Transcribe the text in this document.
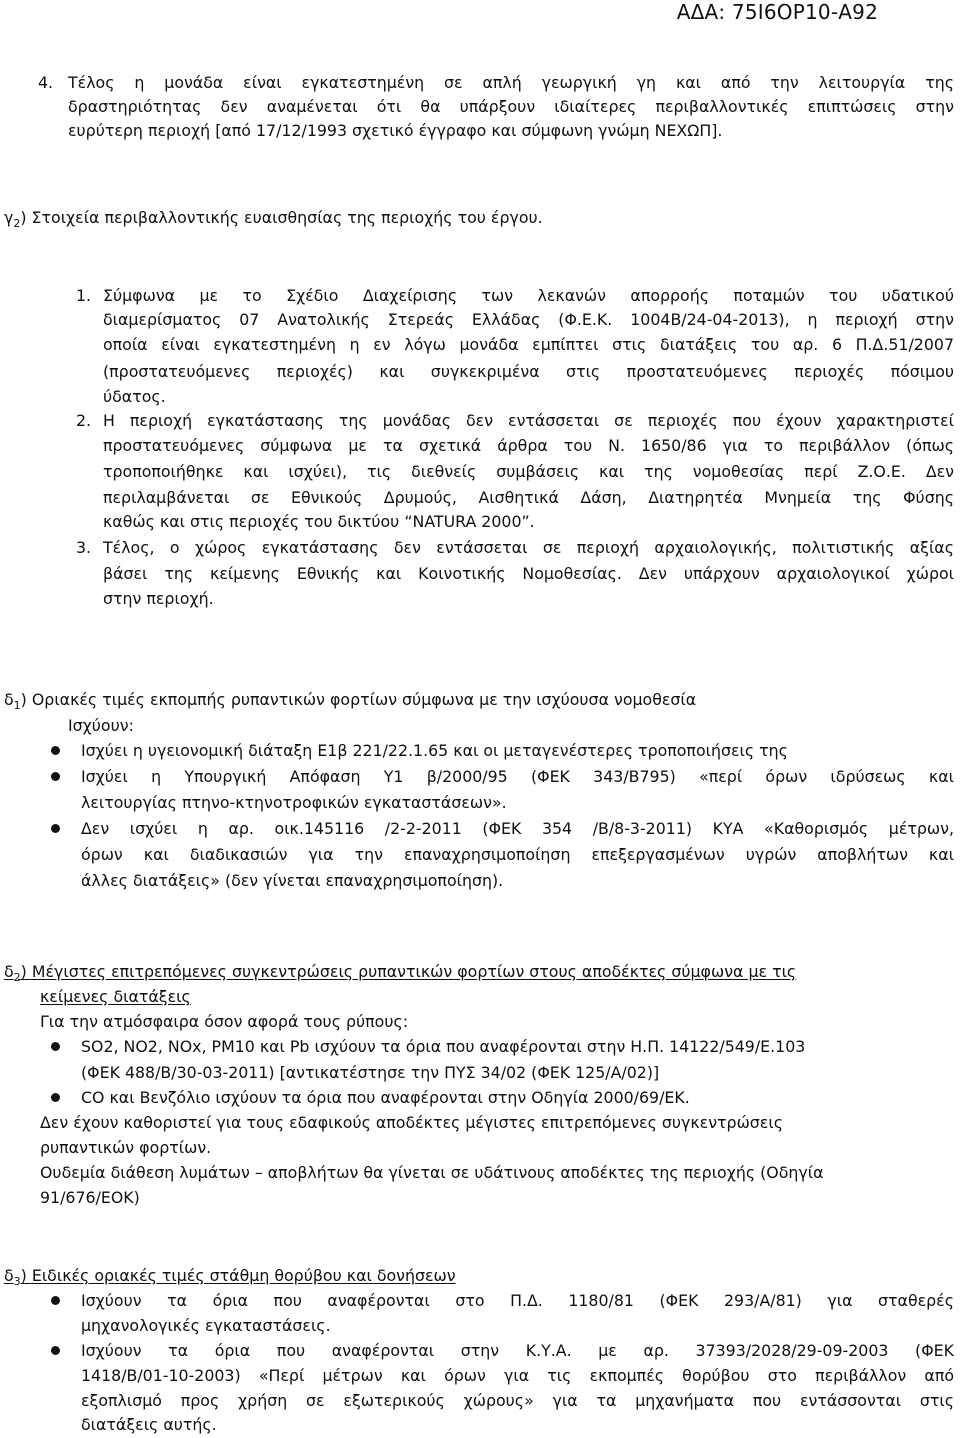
ΑΔΑ: 75Ι6ΟΡ10-Α92
4. Τέλος η μονάδα είναι εγκατεστημένη σε απλή γεωργική γη και από την λειτουργία της
δραστηριότητας δεν αναμένεται ότι θα υπάρξουν ιδιαίτερες περιβαλλοντικές επιπτώσεις στην
ευρύτερη περιοχή [από 17/12/1993 σχετικό έγγραφο και σύμφωνη γνώμη ΝΕΧΩΠ].
$\gamma_2$) Στοιχεία περιβαλλοντικής ευαισθησίας της περιοχής του έργου.
1. Σύμφωνα με το Σχέδιο Διαχείρισης των λεκανών απορροής ποταμών του υδατικού
διαμερίσματος 07 Ανατολικής Στερεάς Ελλάδας (Φ.Ε.Κ. 1004Β/24-04-2013), η περιοχή στην
οποία είναι εγκατεστημένη η εν λόγω μονάδα εμπίπτει στις διατάξεις του αρ. 6 Π.Δ.51/2007
(προστατευόμενες περιοχές) και συγκεκριμένα στις προστατευόμενες περιοχές πόσιμου
ύδατος.
2. Η περιοχή εγκατάστασης της μονάδας δεν εντάσσεται σε περιοχές που έχουν χαρακτηριστεί
προστατευόμενες σύμφωνα με τα σχετικά άρθρα του Ν. 1650/86 για το περιβάλλον (όπως
τροποποιήθηκε και ισχύει), τις διεθνείς συμβάσεις και της νομοθεσίας περί Ζ.Ο.Ε. Δεν
περιλαμβάνεται σε Εθνικούς Δρυμούς, Αισθητικά Δάση, Διατηρητέα Μνημεία της Φύσης
καθώς και στις περιοχές του δικτύου “NATURA 2000”.
3. Τέλος, ο χώρος εγκατάστασης δεν εντάσσεται σε περιοχή αρχαιολογικής, πολιτιστικής αξίας
βάσει της κείμενης Εθνικής και Κοινοτικής Νομοθεσίας. Δεν υπάρχουν αρχαιολογικοί χώροι
στην περιοχή.
$\delta_1$) Οριακές τιμές εκπομπής ρυπαντικών φορτίων σύμφωνα με την ισχύουσα νομοθεσία
Ισχύουν:
Ισχύει η υγειονομική διάταξη Ε1β 221/22.1.65 και οι μεταγενέστερες τροποποιήσεις της
Ισχύει η Υπουργική Απόφαση Υ1 β/2000/95 (ΦΕΚ 343/Β795) «περί όρων ιδρύσεως και
λειτουργίας πτηνο-κτηνοτροφικών εγκαταστάσεων».
Δεν ισχύει η αρ. οικ.145116 /2-2-2011 (ΦΕΚ 354 /Β/8-3-2011) ΚΥΑ «Καθορισμός μέτρων,
όρων και διαδικασιών για την επαναχρησιμοποίηση επεξεργασμένων υγρών αποβλήτων και
άλλες διατάξεις» (δεν γίνεται επαναχρησιμοποίηση).
$\delta_2$) Μέγιστες επιτρεπόμενες συγκεντρώσεις ρυπαντικών φορτίων στους αποδέκτες σύμφωνα με τις
κείμενες διατάξεις
Για την ατμόσφαιρα όσον αφορά τους ρύπους:
SO2, NO2, NOx, PM10 και Pb ισχύουν τα όρια που αναφέρονται στην Η.Π. 14122/549/Ε.103
(ΦΕΚ 488/Β/30-03-2011) [αντικατέστησε την ΠΥΣ 34/02 (ΦΕΚ 125/Α/02)]
CO και Βενζόλιο ισχύουν τα όρια που αναφέρονται στην Οδηγία 2000/69/ΕΚ.
Δεν έχουν καθοριστεί για τους εδαφικούς αποδέκτες μέγιστες επιτρεπόμενες συγκεντρώσεις
ρυπαντικών φορτίων.
Ουδεμία διάθεση λυμάτων – αποβλήτων θα γίνεται σε υδάτινους αποδέκτες της περιοχής (Οδηγία
91/676/ΕΟΚ)
$\delta_3$) Ειδικές οριακές τιμές στάθμη θορύβου και δονήσεων
Ισχύουν τα όρια που αναφέρονται στο Π.Δ. 1180/81 (ΦΕΚ 293/Α/81) για σταθερές
μηχανολογικές εγκαταστάσεις.
Ισχύουν τα όρια που αναφέρονται στην Κ.Υ.Α. με αρ. 37393/2028/29-09-2003 (ΦΕΚ
1418/Β/01-10-2003) «Περί μέτρων και όρων για τις εκπομπές θορύβου στο περιβάλλον από
εξοπλισμό προς χρήση σε εξωτερικούς χώρους» για τα μηχανήματα που εντάσσονται στις
διατάξεις αυτής.
